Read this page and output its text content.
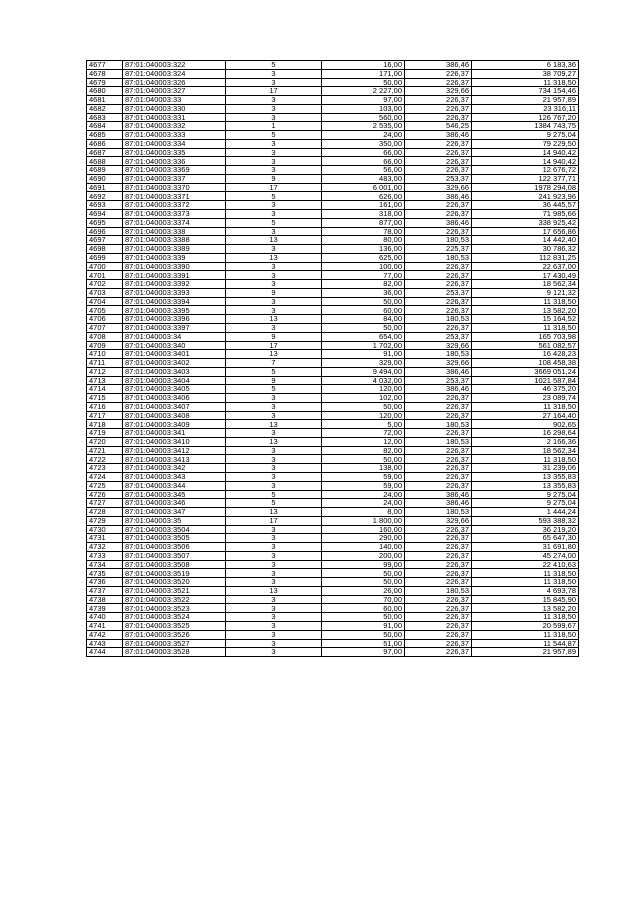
4677	87:01:040003:322	5	16,00	386,46	6 183,36
4678	87:01:040003:324	3	171,00	226,37	38 709,27
4679	87:01:040003:326	3	50,00	226,37	11 318,50
4680	87:01:040003:327	17	2 227,00	329,66	734 154,46
4681	87:01:040003:33	3	97,00	226,37	21 957,89
4682	87:01:040003:330	3	103,00	226,37	23 316,11
4683	87:01:040003:331	3	560,00	226,37	126 767,20
4684	87:01:040003:332	1	2 535,00	546,25	1384 743,75
4685	87:01:040003:333	5	24,00	386,46	9 275,04
4686	87:01:040003:334	3	350,00	226,37	79 229,50
4687	87:01:040003:335	3	66,00	226,37	14 940,42
4688	87:01:040003:336	3	66,00	226,37	14 940,42
4689	87:01:040003:3369	3	56,00	226,37	12 676,72
4690	87:01:040003:337	9	483,00	253,37	122 377,71
4691	87:01:040003:3370	17	6 001,00	329,66	1978 294,08
4692	87:01:040003:3371	5	626,00	386,46	241 923,96
4693	87:01:040003:3372	3	161,00	226,37	36 445,57
4694	87:01:040003:3373	3	318,00	226,37	71 985,66
4695	87:01:040003:3374	5	877,00	386,46	338 925,42
4696	87:01:040003:338	3	78,00	226,37	17 656,86
4697	87:01:040003:3388	13	80,00	180,53	14 442,40
4698	87:01:040003:3389	3	136,00	225,37	30 786,32
4699	87:01:040003:339	13	625,00	180,53	112 831,25
4700	87:01:040003:3390	3	100,00	226,37	22 637,00
4701	87:01:040003:3391	3	77,00	226,37	17 430,49
4702	87:01:040003:3392	3	82,00	226,37	18 562,34
4703	87:01:040003:3393	9	36,00	253,37	9 121,32
4704	87:01:040003:3394	3	50,00	226,37	11 318,50
4705	87:01:040003:3395	3	60,00	226,37	13 582,20
4706	87:01:040003:3396	13	84,00	180,53	15 164,52
4707	87:01:040003:3397	3	50,00	226,37	11 318,50
4708	87:01:040003:34	9	654,00	253,37	165 703,98
4709	87:01:040003:340	17	1 702,00	329,66	561 082,57
4710	87:01:040003:3401	13	91,00	180,53	16 428,23
4711	87:01:040003:3402	7	329,00	329,66	108 458,38
4712	87:01:040003:3403	5	9 494,00	386,46	3669 051,24
4713	87:01:040003:3404	9	4 032,00	253,37	1021 587,84
4714	87:01:040003:3405	5	120,00	386,46	46 375,20
4715	87:01:040003:3406	3	102,00	226,37	23 089,74
4716	87:01:040003:3407	3	50,00	226,37	11 318,50
4717	87:01:040003:3408	3	120,00	226,37	27 164,40
4718	87:01:040003:3409	13	5,00	180,53	902,65
4719	87:01:040003:341	3	72,00	226,37	16 298,64
4720	87:01:040003:3410	13	12,00	180,53	2 166,36
4721	87:01:040003:3412	3	82,00	226,37	18 562,34
4722	87:01:040003:3413	3	50,00	226,37	11 318,50
4723	87:01:040003:342	3	138,00	226,37	31 239,06
4724	87:01:040003:343	3	59,00	226,37	13 355,83
4725	87:01:040003:344	3	59,00	226,37	13 355,83
4726	87:01:040003:345	5	24,00	386,46	9 275,04
4727	87:01:040003:346	5	24,00	386,46	9 275,04
4728	87:01:040003:347	13	8,00	180,53	1 444,24
4729	87:01:040003:35	17	1 800,00	329,66	593 388,32
4730	87:01:040003:3504	3	160,00	226,37	36 219,20
4731	87:01:040003:3505	3	290,00	226,37	65 647,30
4732	87:01:040003:3506	3	140,00	226,37	31 691,80
4733	87:01:040003:3507	3	200,00	226,37	45 274,00
4734	87:01:040003:3508	3	99,00	226,37	22 410,63
4735	87:01:040003:3519	3	50,00	226,37	11 318,50
4736	87:01:040003:3520	3	50,00	226,37	11 318,50
4737	87:01:040003:3521	13	26,00	180,53	4 693,78
4738	87:01:040003:3522	3	70,00	226,37	15 845,90
4739	87:01:040003:3523	3	60,00	226,37	13 582,20
4740	87:01:040003:3524	3	50,00	226,37	11 318,50
4741	87:01:040003:3525	3	91,00	226,37	20 599,67
4742	87:01:040003:3526	3	50,00	226,37	11 318,50
4743	87:01:040003:3527	3	51,00	226,37	11 544,87
4744	87:01:040003:3528	3	97,00	226,37	21 957,89
